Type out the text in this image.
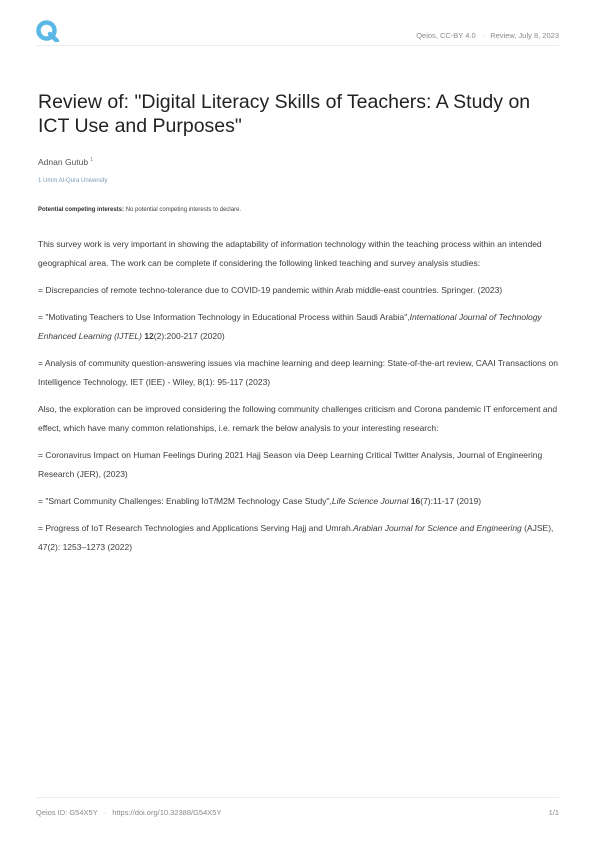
Qeios, CC-BY 4.0 · Review, July 8, 2023
Review of: "Digital Literacy Skills of Teachers: A Study on ICT Use and Purposes"
Adnan Gutub $^1$
1 Umm Al-Qura University
Potential competing interests: No potential competing interests to declare.

This survey work is very important in showing the adaptability of information technology within the teaching process within an intended geographical area. The work can be complete if considering the following linked teaching and survey analysis studies:

= Discrepancies of remote techno-tolerance due to COVID-19 pandemic within Arab middle-east countries. Springer. (2023)

= "Motivating Teachers to Use Information Technology in Educational Process within Saudi Arabia",International Journal of Technology Enhanced Learning (IJTEL) 12(2):200-217 (2020)

= Analysis of community question-answering issues via machine learning and deep learning: State-of-the-art review, CAAI Transactions on Intelligence Technology, IET (IEE) - Wiley, 8(1): 95-117 (2023)

Also, the exploration can be improved considering the following community challenges criticism and Corona pandemic IT enforcement and effect, which have many common relationships, i.e. remark the below analysis to your interesting research:

= Coronavirus Impact on Human Feelings During 2021 Hajj Season via Deep Learning Critical Twitter Analysis, Journal of Engineering Research (JER), (2023)

= "Smart Community Challenges: Enabling IoT/M2M Technology Case Study",Life Science Journal 16(7):11-17 (2019)

= Progress of IoT Research Technologies and Applications Serving Hajj and Umrah.Arabian Journal for Science and Engineering (AJSE), 47(2): 1253–1273 (2022)

Qeios ID: G54X5Y · https://doi.org/10.32388/G54X5Y	1/1
